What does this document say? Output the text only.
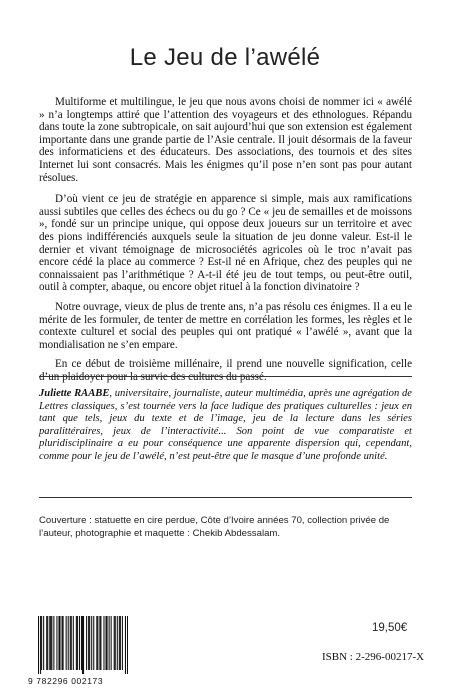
Le Jeu de l’awélé

Multiforme et multilingue, le jeu que nous avons choisi de nommer ici « awélé » n’a longtemps attiré que l’attention des voyageurs et des ethnologues. Répandu dans toute la zone subtropicale, on sait aujourd’hui que son extension est également importante dans une grande partie de l’Asie centrale. Il jouit désormais de la faveur des informaticiens et des éducateurs. Des associations, des tournois et des sites Internet lui sont consacrés. Mais les énigmes qu’il pose n’en sont pas pour autant résolues.

D’où vient ce jeu de stratégie en apparence si simple, mais aux ramifications aussi subtiles que celles des échecs ou du go ? Ce « jeu de semailles et de moissons », fondé sur un principe unique, qui oppose deux joueurs sur un territoire et avec des pions indifférenciés auxquels seule la situation de jeu donne valeur. Est-il le dernier et vivant témoignage de microsociétés agricoles où le troc n’avait pas encore cédé la place au commerce ? Est-il né en Afrique, chez des peuples qui ne connaissaient pas l’arithmétique ? A-t-il été jeu de tout temps, ou peut-être outil, outil à compter, abaque, ou encore objet rituel à la fonction divinatoire ?

Notre ouvrage, vieux de plus de trente ans, n’a pas résolu ces énigmes. Il a eu le mérite de les formuler, de tenter de mettre en corrélation les formes, les règles et le contexte culturel et social des peuples qui ont pratiqué « l’awélé », avant que la mondialisation ne s’en empare.

En ce début de troisième millénaire, il prend une nouvelle signification, celle d’un plaidoyer pour la survie des cultures du passé.

Juliette RAABE, universitaire, journaliste, auteur multimédia, après une agrégation de Lettres classiques, s’est tournée vers la face ludique des pratiques culturelles : jeux en tant que tels, jeux du texte et de l’image, jeu de la lecture dans les séries paralittéraires, jeux de l’interactivité... Son point de vue comparatiste et pluridisciplinaire a eu pour conséquence une apparente dispersion qui, cependant, comme pour le jeu de l’awélé, n’est peut-être que le masque d’une profonde unité.
Couverture : statuette en cire perdue, Côte d’Ivoire années 70, collection privée de l’auteur, photographie et maquette : Chekib Abdessalam.
19,50€
9 782296 002173
ISBN : 2-296-00217-X
